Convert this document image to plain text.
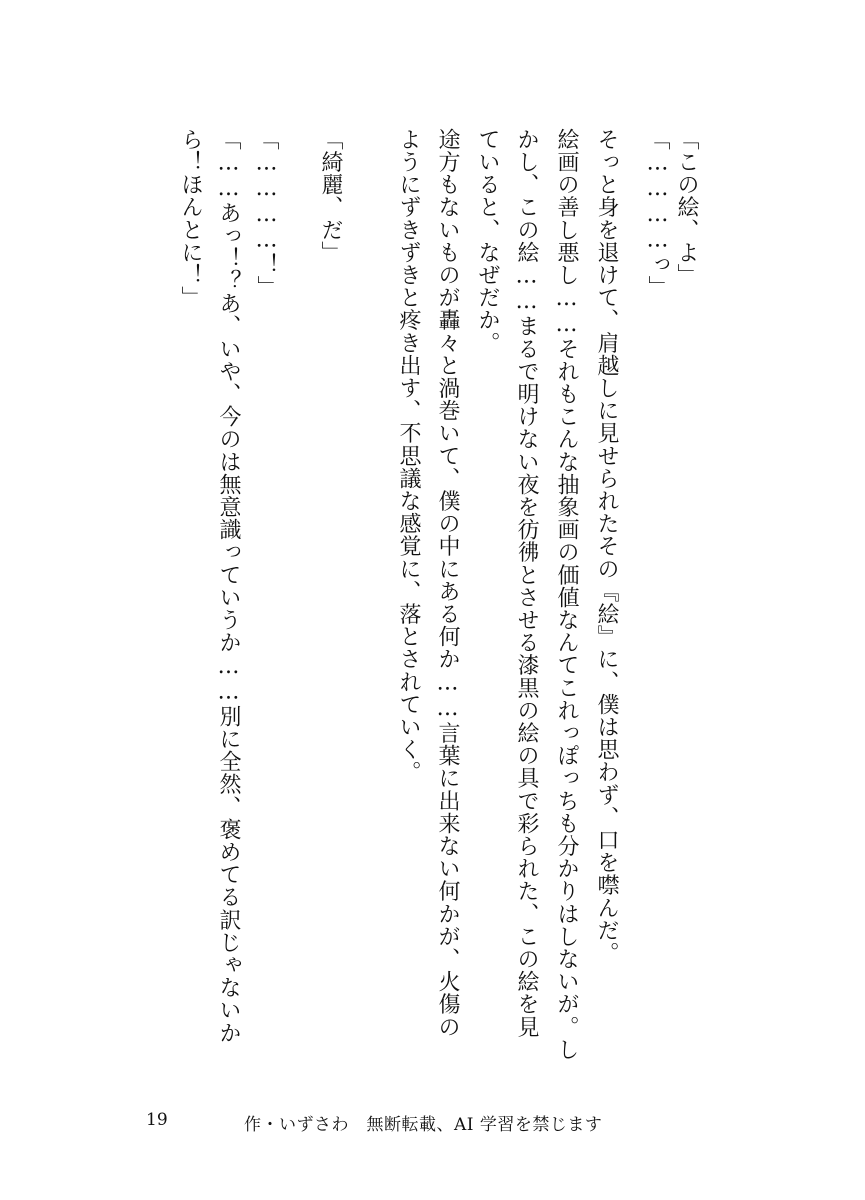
「この絵、よ」
「…………っ」
そっと身を退けて、肩越しに見せられたその『絵』に、僕は思わず、口を噤んだ。
絵画の善し悪し……それもこんな抽象画の価値なんてこれっぽっちも分かりはしないが。し
かし、この絵……まるで明けない夜を彷彿とさせる漆黒の絵の具で彩られた、この絵を見
ていると、なぜだか。
途方もないものが轟々と渦巻いて、僕の中にある何か……言葉に出来ない何かが、火傷の
ようにずきずきと疼き出す、不思議な感覚に、落とされていく。
「綺麗、だ」
「…………！」
「……あっ！？あ、いや、今のは無意識っていうか……別に全然、褒めてる訳じゃないか
ら！ほんとに！」
19	作・いずさわ　無断転載、AI 学習を禁じます
